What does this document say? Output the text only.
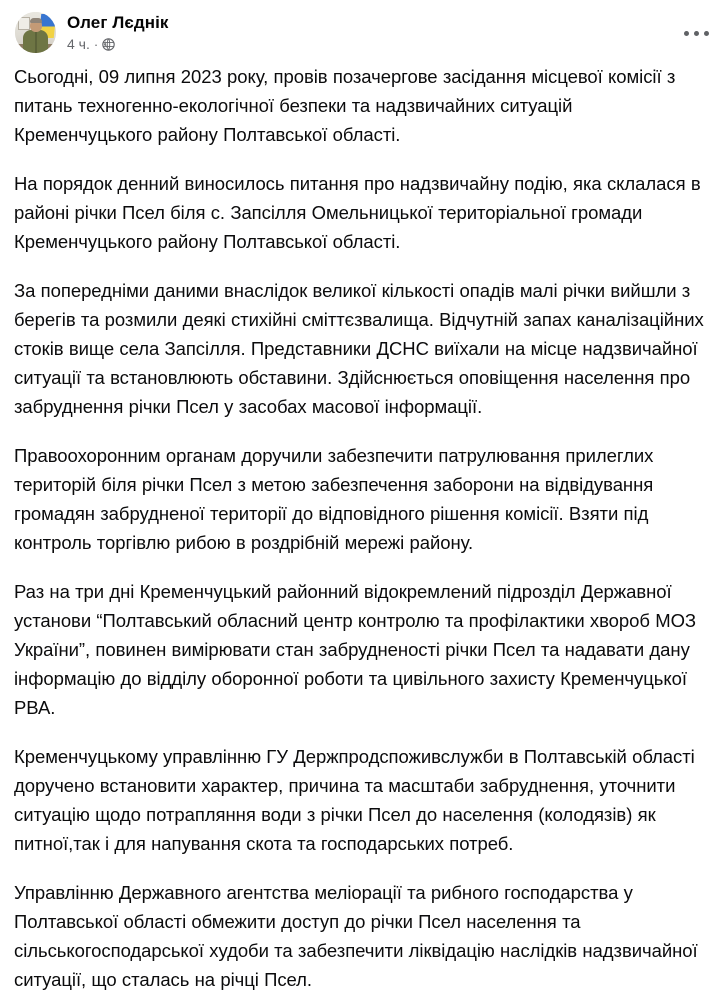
Олег Лєднік
4 ч. ·

Сьогодні, 09 липня 2023 року, провів позачергове засідання місцевої комісії з питань техногенно-екологічної безпеки та надзвичайних ситуацій Кременчуцького району Полтавської області.

На порядок денний виносилось питання про надзвичайну подію, яка склалася в районі річки Псел біля с. Запсілля Омельницької територіальної громади Кременчуцького району Полтавської області.

За попередніми даними внаслідок великої кількості опадів малі річки вийшли з берегів та розмили деякі стихійні сміттєзвалища. Відчутній запах каналізаційних стоків вище села Запсілля. Представники ДСНС виїхали на місце надзвичайної ситуації та встановлюють обставини. Здійснюється оповіщення населення про забруднення річки Псел у засобах масової інформації.

Правоохоронним органам доручили забезпечити патрулювання прилеглих територій біля річки Псел з метою забезпечення заборони на відвідування громадян забрудненої території до відповідного рішення комісії. Взяти під контроль торгівлю рибою в роздрібній мережі району.

Раз на три дні Кременчуцький районний відокремлений підрозділ Державної установи “Полтавський обласний центр контролю та профілактики хвороб МОЗ України”, повинен вимірювати стан забрудненості річки Псел та надавати дану інформацію до відділу оборонної роботи та цивільного захисту Кременчуцької РВА.

Кременчуцькому управлінню ГУ Держпродспоживслужби в Полтавській області доручено встановити характер, причина та масштаби забруднення, уточнити ситуацію щодо потрапляння води з річки Псел до населення (колодязів) як питної,так і для напування скота та господарських потреб.

Управлінню Державного агентства меліорації та рибного господарства у Полтавської області обмежити доступ до річки Псел населення та сільськогосподарської худоби та забезпечити ліквідацію наслідків надзвичайної ситуації, що сталась на річці Псел.
